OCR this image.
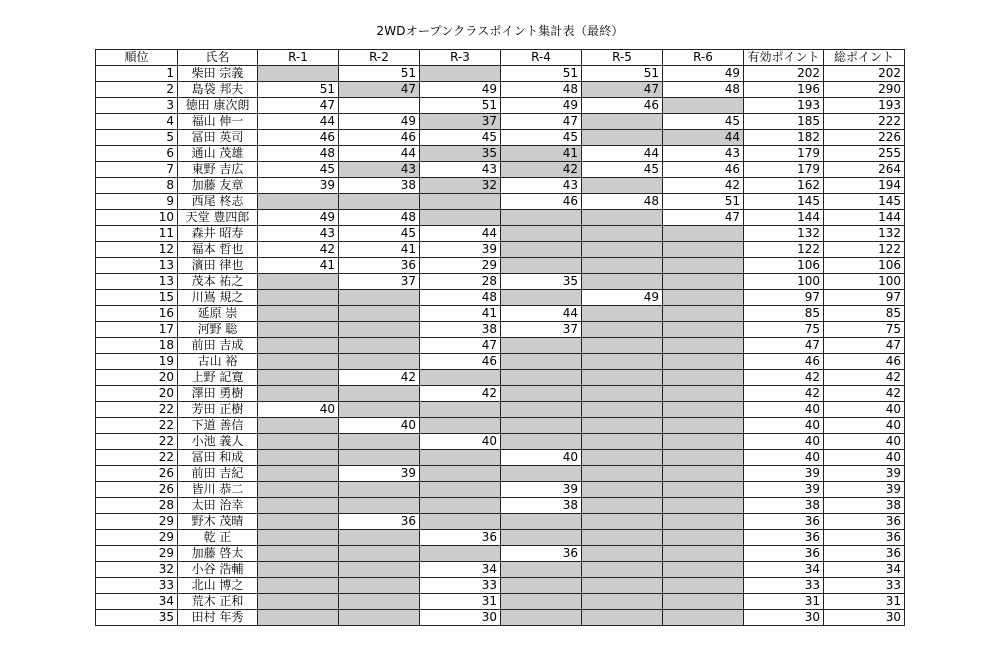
2WDオープンクラスポイント集計表（最終）
順位	氏名	R-1	R-2	R-3	R-4	R-5	R-6	有効ポイント	総ポイント
1	柴田 宗義		51		51	51	49	202	202
2	島袋 邦夫	51	47	49	48	47	48	196	290
3	徳田 康次朗	47		51	49	46		193	193
4	福山 伸一	44	49	37	47		45	185	222
5	冨田 英司	46	46	45	45		44	182	226
6	通山 茂雄	48	44	35	41	44	43	179	255
7	東野 吉広	45	43	43	42	45	46	179	264
8	加藤 友章	39	38	32	43		42	162	194
9	西尾 柊志				46	48	51	145	145
10	天堂 豊四郎	49	48				47	144	144
11	森井 昭寿	43	45	44				132	132
12	福本 哲也	42	41	39				122	122
13	濱田 律也	41	36	29				106	106
13	茂本 祐之		37	28	35			100	100
15	川嶌 規之			48		49		97	97
16	延原 崇			41	44			85	85
17	河野 聡			38	37			75	75
18	前田 吉成			47				47	47
19	古山 裕			46				46	46
20	上野 記寛		42					42	42
20	澤田 勇樹			42				42	42
22	芳田 正樹	40						40	40
22	下道 善信		40					40	40
22	小池 義人			40				40	40
22	冨田 和成				40			40	40
26	前田 吉紀		39					39	39
26	皆川 恭二				39			39	39
28	太田 治幸				38			38	38
29	野木 茂晴		36					36	36
29	乾 正			36				36	36
29	加藤 啓太				36			36	36
32	小谷 浩輔			34				34	34
33	北山 博之			33				33	33
34	荒木 正和			31				31	31
35	田村 年秀			30				30	30
